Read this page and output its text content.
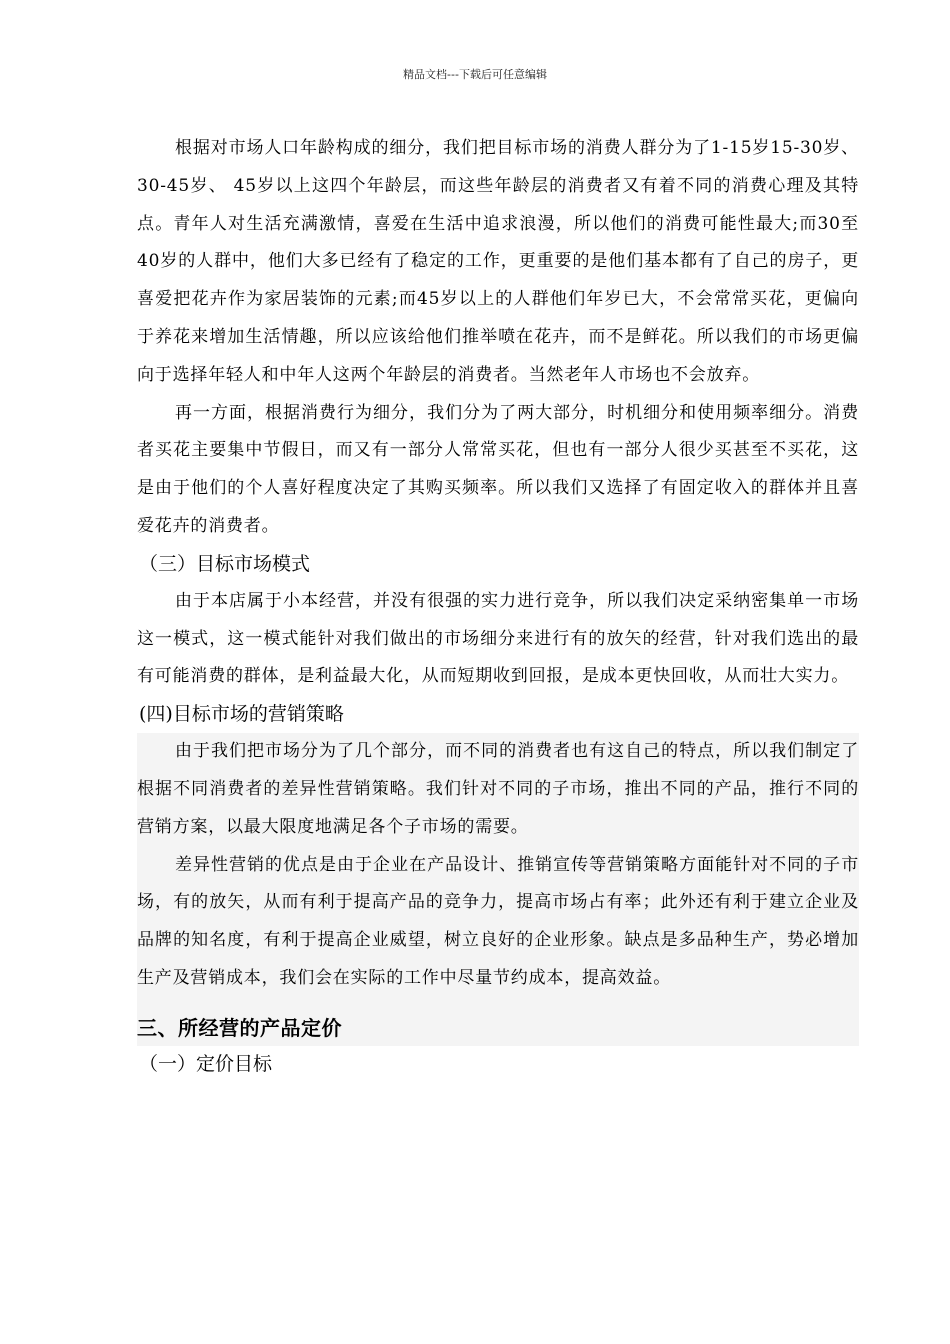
精品文档---下载后可任意编辑

根据对市场人口年龄构成的细分，我们把目标市场的消费人群分为了1-15岁15-30岁、30-45岁、 45岁以上这四个年龄层，而这些年龄层的消费者又有着不同的消费心理及其特点。青年人对生活充满激情，喜爱在生活中追求浪漫，所以他们的消费可能性最大;而30至40岁的人群中，他们大多已经有了稳定的工作，更重要的是他们基本都有了自己的房子，更喜爱把花卉作为家居装饰的元素;而45岁以上的人群他们年岁已大，不会常常买花，更偏向于养花来增加生活情趣，所以应该给他们推举喷在花卉，而不是鲜花。所以我们的市场更偏向于选择年轻人和中年人这两个年龄层的消费者。当然老年人市场也不会放弃。

再一方面，根据消费行为细分，我们分为了两大部分，时机细分和使用频率细分。消费者买花主要集中节假日，而又有一部分人常常买花，但也有一部分人很少买甚至不买花，这是由于他们的个人喜好程度决定了其购买频率。所以我们又选择了有固定收入的群体并且喜爱花卉的消费者。

（三）目标市场模式

由于本店属于小本经营，并没有很强的实力进行竞争，所以我们决定采纳密集单一市场这一模式，这一模式能针对我们做出的市场细分来进行有的放矢的经营，针对我们选出的最有可能消费的群体，是利益最大化，从而短期收到回报，是成本更快回收，从而壮大实力。

(四)目标市场的营销策略

由于我们把市场分为了几个部分，而不同的消费者也有这自己的特点，所以我们制定了根据不同消费者的差异性营销策略。我们针对不同的子市场，推出不同的产品，推行不同的营销方案，以最大限度地满足各个子市场的需要。

差异性营销的优点是由于企业在产品设计、推销宣传等营销策略方面能针对不同的子市场，有的放矢，从而有利于提高产品的竞争力，提高市场占有率；此外还有利于建立企业及品牌的知名度，有利于提高企业威望，树立良好的企业形象。缺点是多品种生产，势必增加生产及营销成本，我们会在实际的工作中尽量节约成本，提高效益。

三、所经营的产品定价
（一）定价目标
